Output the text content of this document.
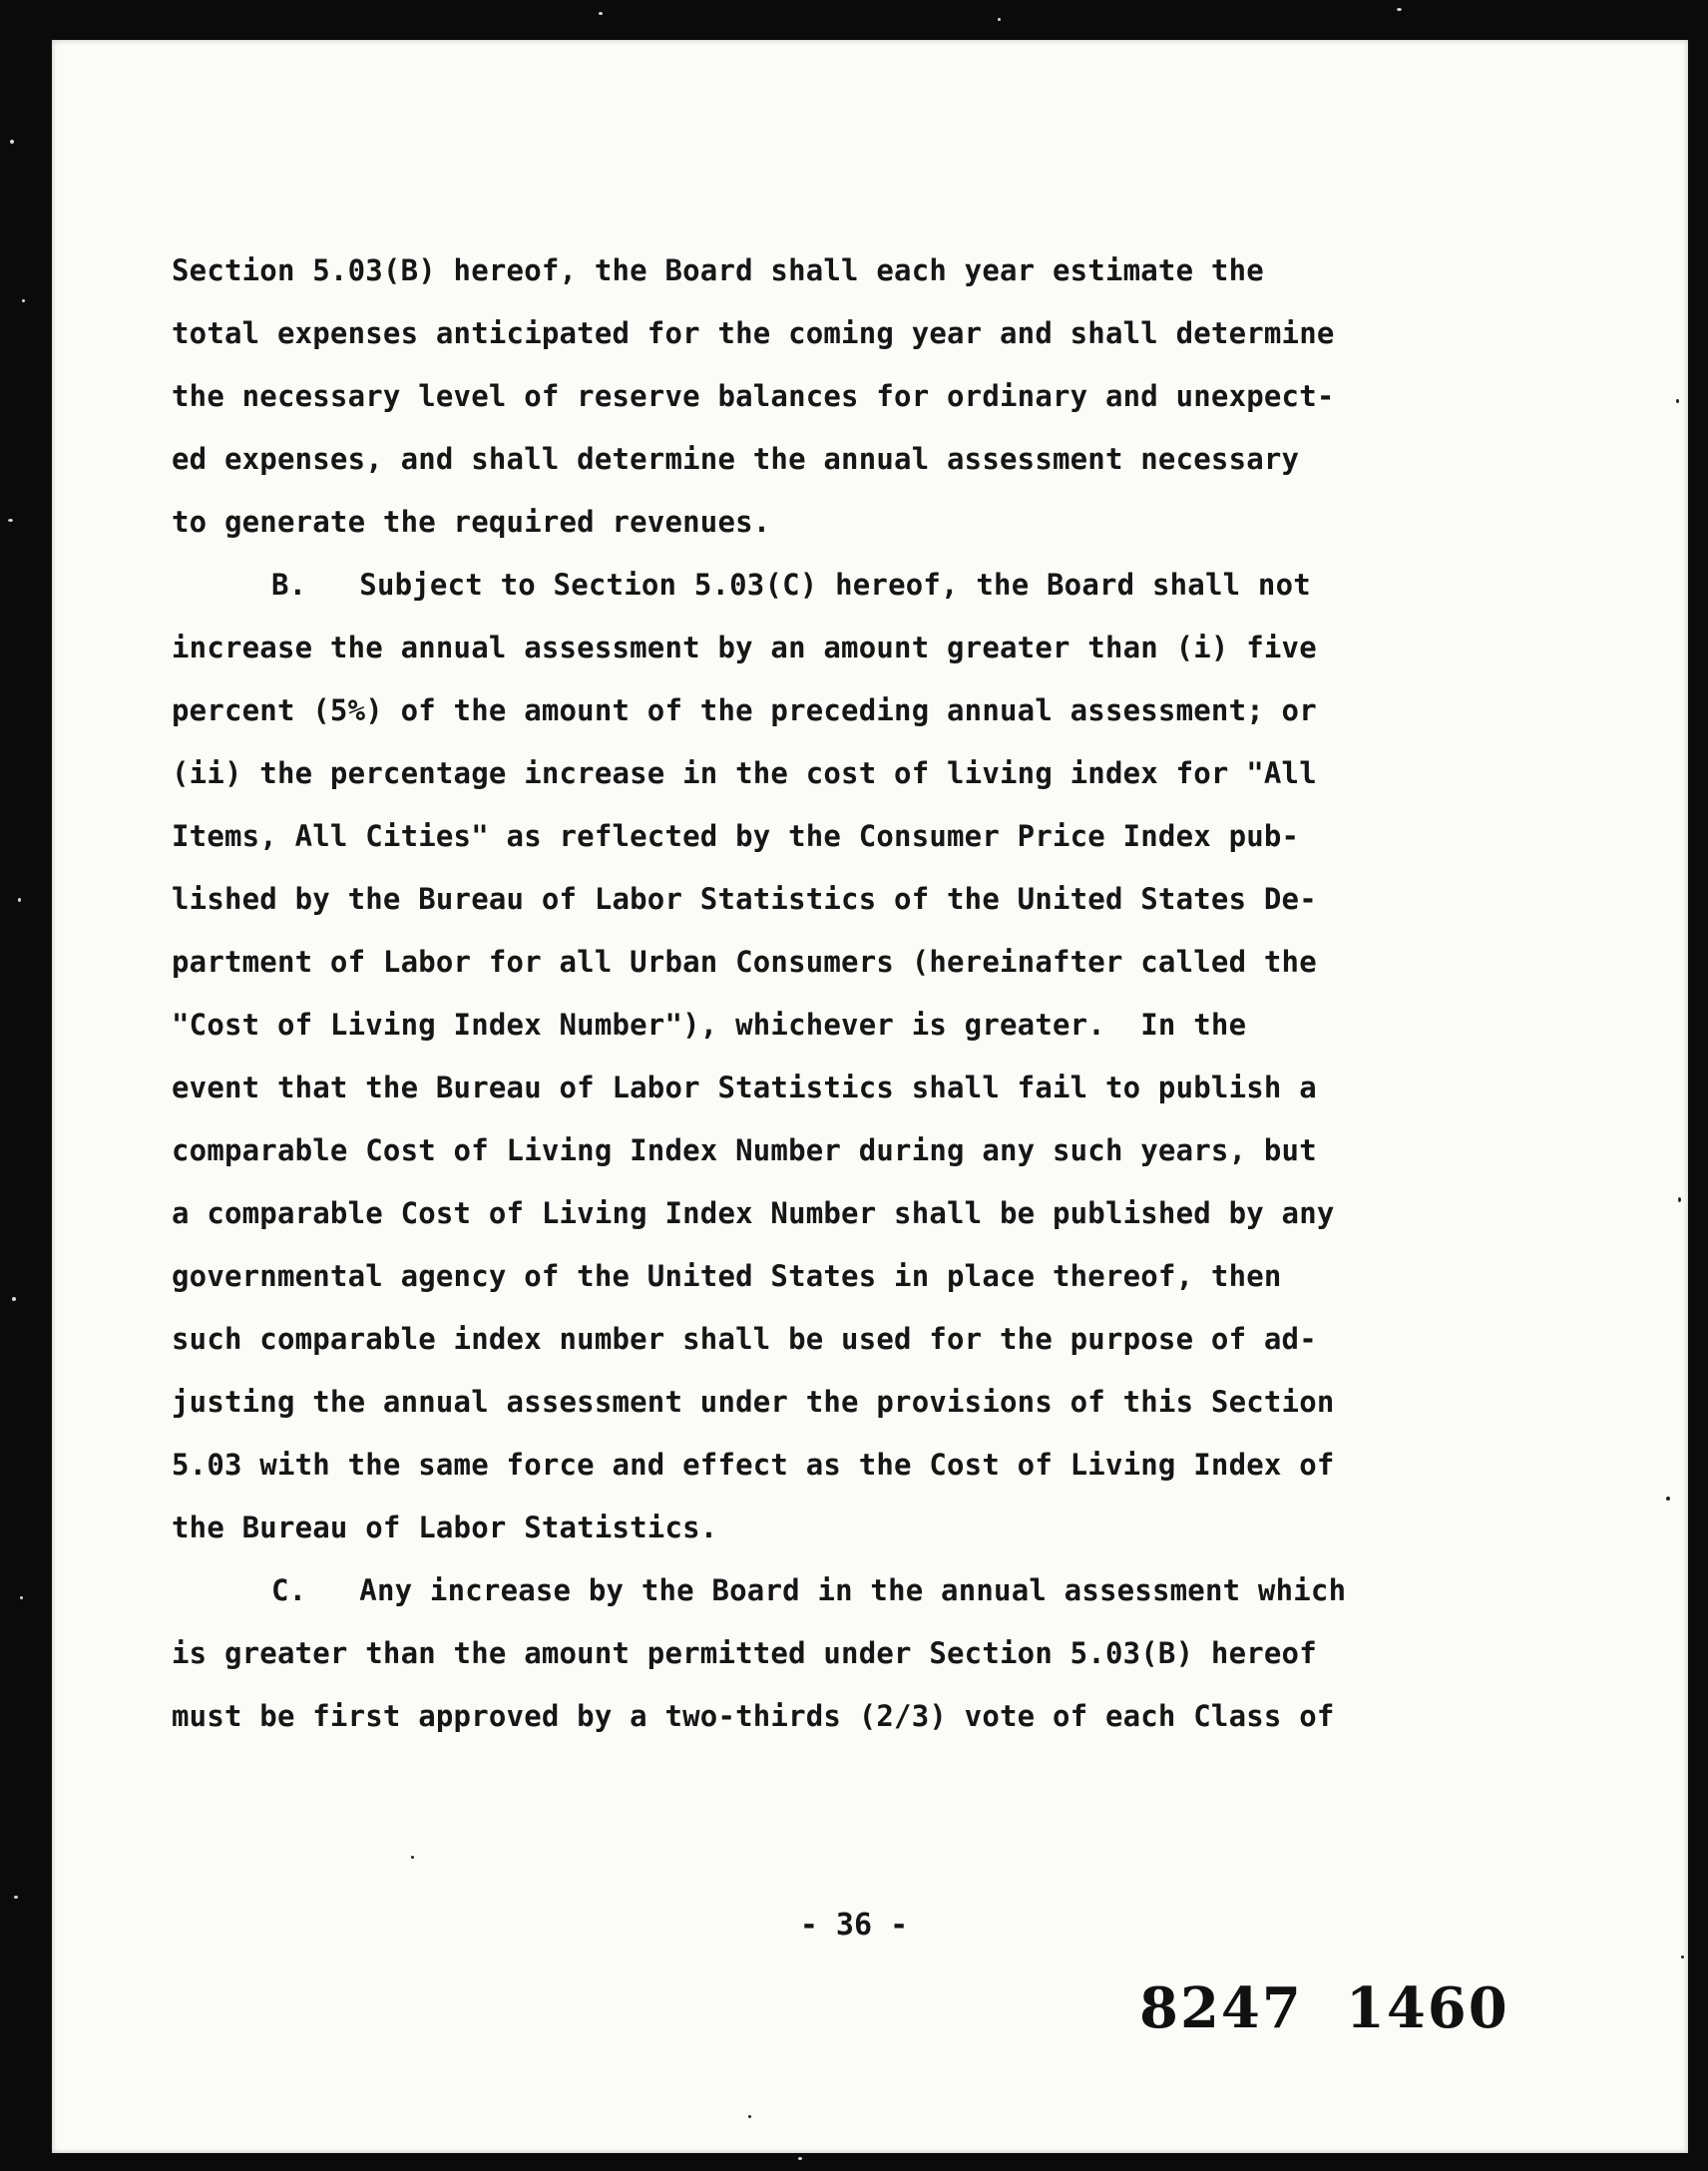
Section 5.03(B) hereof, the Board shall each year estimate the
total expenses anticipated for the coming year and shall determine
the necessary level of reserve balances for ordinary and unexpect-
ed expenses, and shall determine the annual assessment necessary
to generate the required revenues.
B.   Subject to Section 5.03(C) hereof, the Board shall not
increase the annual assessment by an amount greater than (i) five
percent (5%) of the amount of the preceding annual assessment; or
(ii) the percentage increase in the cost of living index for "All
Items, All Cities" as reflected by the Consumer Price Index pub-
lished by the Bureau of Labor Statistics of the United States De-
partment of Labor for all Urban Consumers (hereinafter called the
"Cost of Living Index Number"), whichever is greater.  In the
event that the Bureau of Labor Statistics shall fail to publish a
comparable Cost of Living Index Number during any such years, but
a comparable Cost of Living Index Number shall be published by any
governmental agency of the United States in place thereof, then
such comparable index number shall be used for the purpose of ad-
justing the annual assessment under the provisions of this Section
5.03 with the same force and effect as the Cost of Living Index of
the Bureau of Labor Statistics.
C.   Any increase by the Board in the annual assessment which
is greater than the amount permitted under Section 5.03(B) hereof
must be first approved by a two-thirds (2/3) vote of each Class of
- 36 -
8247  1460
